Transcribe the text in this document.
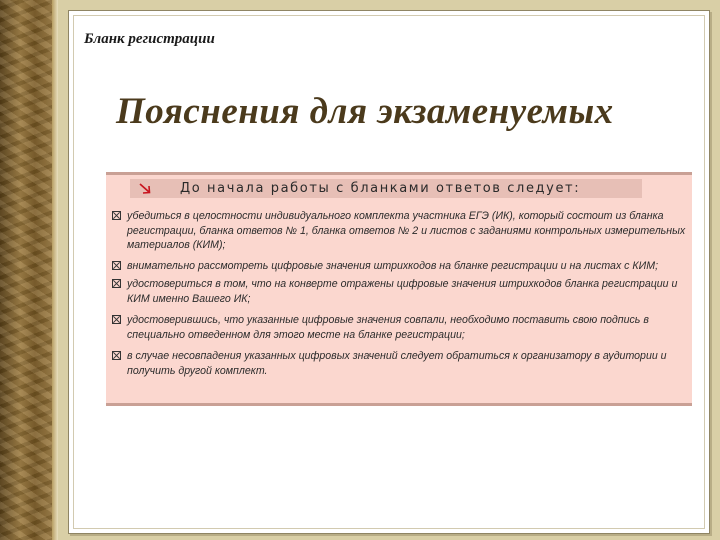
Бланк регистрации

Пояснения для экзаменуемых
До начала работы с бланками ответов следует:
убедиться в целостности индивидуального комплекта участника ЕГЭ (ИК), который состоит из бланка регистрации, бланка ответов № 1, бланка ответов № 2 и листов с заданиями контрольных измерительных материалов (КИМ);
внимательно рассмотреть цифровые значения штрихкодов на бланке регистрации и на листах с КИМ;
удостовериться в том, что на конверте отражены цифровые значения штрихкодов бланка регистрации и КИМ именно Вашего ИК;
удостоверившись, что указанные цифровые значения совпали, необходимо поставить свою подпись в специально отведенном для этого месте на бланке регистрации;
в случае несовпадения указанных цифровых значений следует обратиться к организатору в аудитории и получить другой комплект.
